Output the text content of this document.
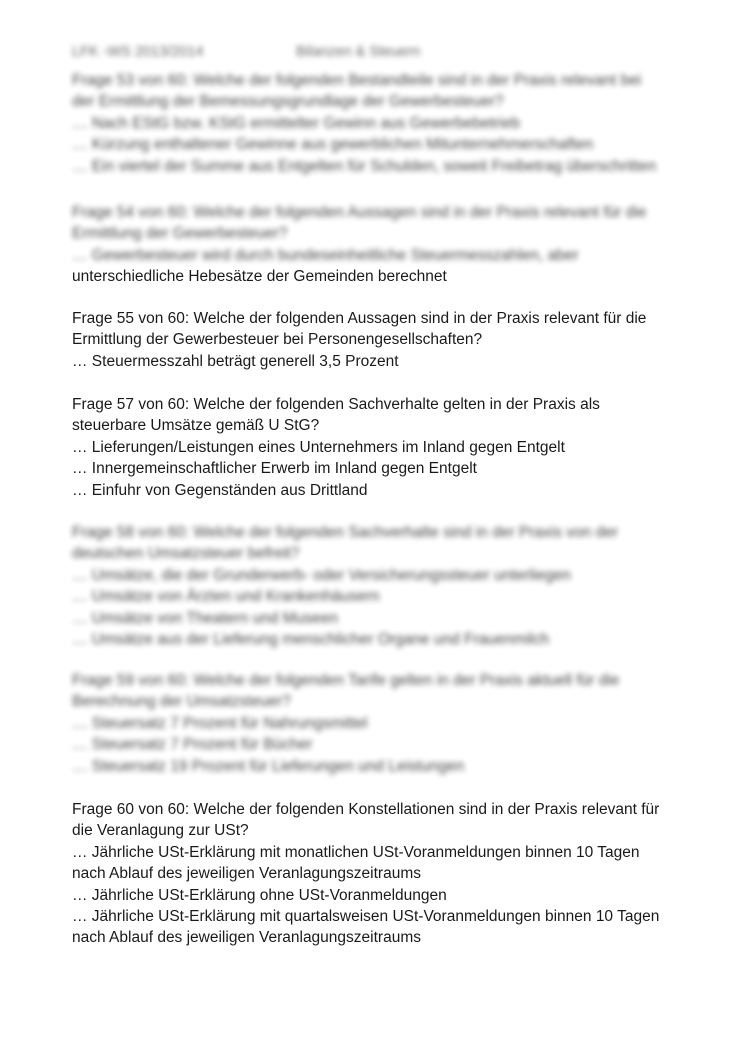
LFK -WS 2013/2014	Bilanzen & Steuern

Frage 53 von 60: Welche der folgenden Bestandteile sind in der Praxis relevant bei

der Ermittlung der Bemessungsgrundlage der Gewerbesteuer?

… Nach EStG bzw. KStG ermittelter Gewinn aus Gewerbebetrieb

… Kürzung enthaltener Gewinne aus gewerblichen Mitunternehmerschaften

… Ein viertel der Summe aus Entgelten für Schulden, soweit Freibetrag überschritten

Frage 54 von 60: Welche der folgenden Aussagen sind in der Praxis relevant für die

Ermittlung der Gewerbesteuer?

… Gewerbesteuer wird durch bundeseinheitliche Steuermesszahlen, aber

unterschiedliche Hebesätze der Gemeinden berechnet

Frage 55 von 60: Welche der folgenden Aussagen sind in der Praxis relevant für die

Ermittlung der Gewerbesteuer bei Personengesellschaften?

… Steuermesszahl beträgt generell 3,5 Prozent

Frage 57 von 60: Welche der folgenden Sachverhalte gelten in der Praxis als

steuerbare Umsätze gemäß U StG?

… Lieferungen/Leistungen eines Unternehmers im Inland gegen Entgelt

… Innergemeinschaftlicher Erwerb im Inland gegen Entgelt

… Einfuhr von Gegenständen aus Drittland

Frage 58 von 60: Welche der folgenden Sachverhalte sind in der Praxis von der

deutschen Umsatzsteuer befreit?

… Umsätze, die der Grunderwerb- oder Versicherungssteuer unterliegen

… Umsätze von Ärzten und Krankenhäusern

… Umsätze von Theatern und Museen

… Umsätze aus der Lieferung menschlicher Organe und Frauenmilch

Frage 59 von 60: Welche der folgenden Tarife gelten in der Praxis aktuell für die

Berechnung der Umsatzsteuer?

… Steuersatz 7 Prozent für Nahrungsmittel

… Steuersatz 7 Prozent für Bücher

… Steuersatz 19 Prozent für Lieferungen und Leistungen

Frage 60 von 60: Welche der folgenden Konstellationen sind in der Praxis relevant für

die Veranlagung zur USt?

… Jährliche USt-Erklärung mit monatlichen USt-Voranmeldungen binnen 10 Tagen

nach Ablauf des jeweiligen Veranlagungszeitraums

… Jährliche USt-Erklärung ohne USt-Voranmeldungen

… Jährliche USt-Erklärung mit quartalsweisen USt-Voranmeldungen binnen 10 Tagen

nach Ablauf des jeweiligen Veranlagungszeitraums
